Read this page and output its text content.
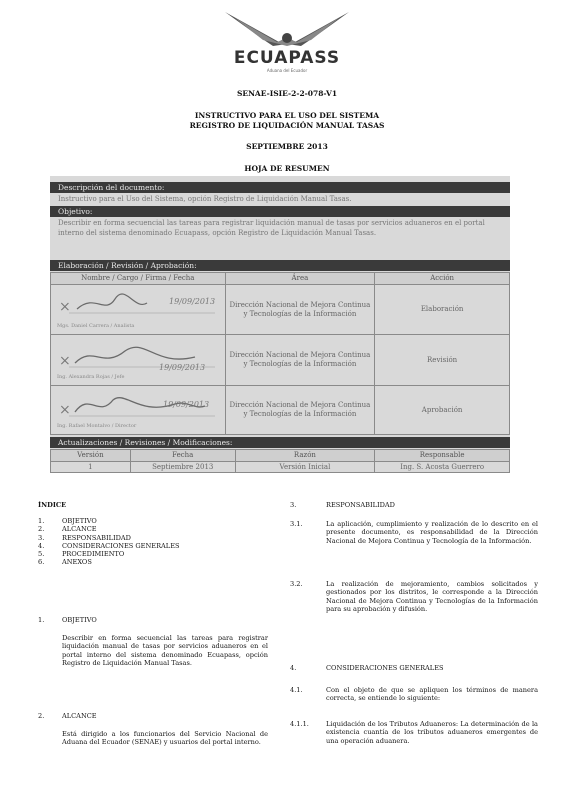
ECUAPASS
Aduana del Ecuador
SENAE-ISIE-2-2-078-V1
INSTRUCTIVO PARA EL USO DEL SISTEMA
REGISTRO DE LIQUIDACIÓN MANUAL TASAS
SEPTIEMBRE 2013
HOJA DE RESUMEN
Descripción del documento:
Instructivo para el Uso del Sistema, opción Registro de Liquidación Manual Tasas.
Objetivo:
Describir en forma secuencial las tareas para registrar liquidación manual de tasas por servicios aduaneros en el portal interno del sistema denominado Ecuapass, opción Registro de Liquidación Manual Tasas.
Elaboración / Revisión / Aprobación:
Nombre / Cargo / Firma / Fecha	Área	Acción

× 19/09/2013
Mgs. Daniel Carrera / Analista	Dirección Nacional de Mejora Continua y Tecnologías de la Información	Elaboración

× 19/09/2013
Ing. Alexandra Rojas / Jefe	Dirección Nacional de Mejora Continua y Tecnologías de la Información	Revisión

× 19/09/2013
Ing. Rafael Montalvo / Director	Dirección Nacional de Mejora Continua y Tecnologías de la Información	Aprobación
Actualizaciones / Revisiones / Modificaciones:
Versión	Fecha	Razón	Responsable
1	Septiembre 2013	Versión Inicial	Ing. S. Acosta Guerrero
ÍNDICE
1.	OBJETIVO
2.	ALCANCE
3.	RESPONSABILIDAD
4.	CONSIDERACIONES GENERALES
5.	PROCEDIMIENTO
6.	ANEXOS
1.	OBJETIVO
Describir en forma secuencial las tareas para registrar liquidación manual de tasas por servicios aduaneros en el portal interno del sistema denominado Ecuapass, opción Registro de Liquidación Manual Tasas.
2.	ALCANCE
Está dirigido a los funcionarios del Servicio Nacional de Aduana del Ecuador (SENAE) y usuarios del portal interno.
3.	RESPONSABILIDAD
3.1.	La aplicación, cumplimiento y realización de lo descrito en el presente documento, es responsabilidad de la Dirección Nacional de Mejora Continua y Tecnología de la Información.
3.2.	La realización de mejoramiento, cambios solicitados y gestionados por los distritos, le corresponde a la Dirección Nacional de Mejora Continua y Tecnologías de la Información para su aprobación y difusión.
4.	CONSIDERACIONES GENERALES
4.1.	Con el objeto de que se apliquen los términos de manera correcta, se entiende lo siguiente:
4.1.1.	Liquidación de los Tributos Aduaneros: La determinación de la existencia cuantía de los tributos aduaneros emergentes de una operación aduanera.
